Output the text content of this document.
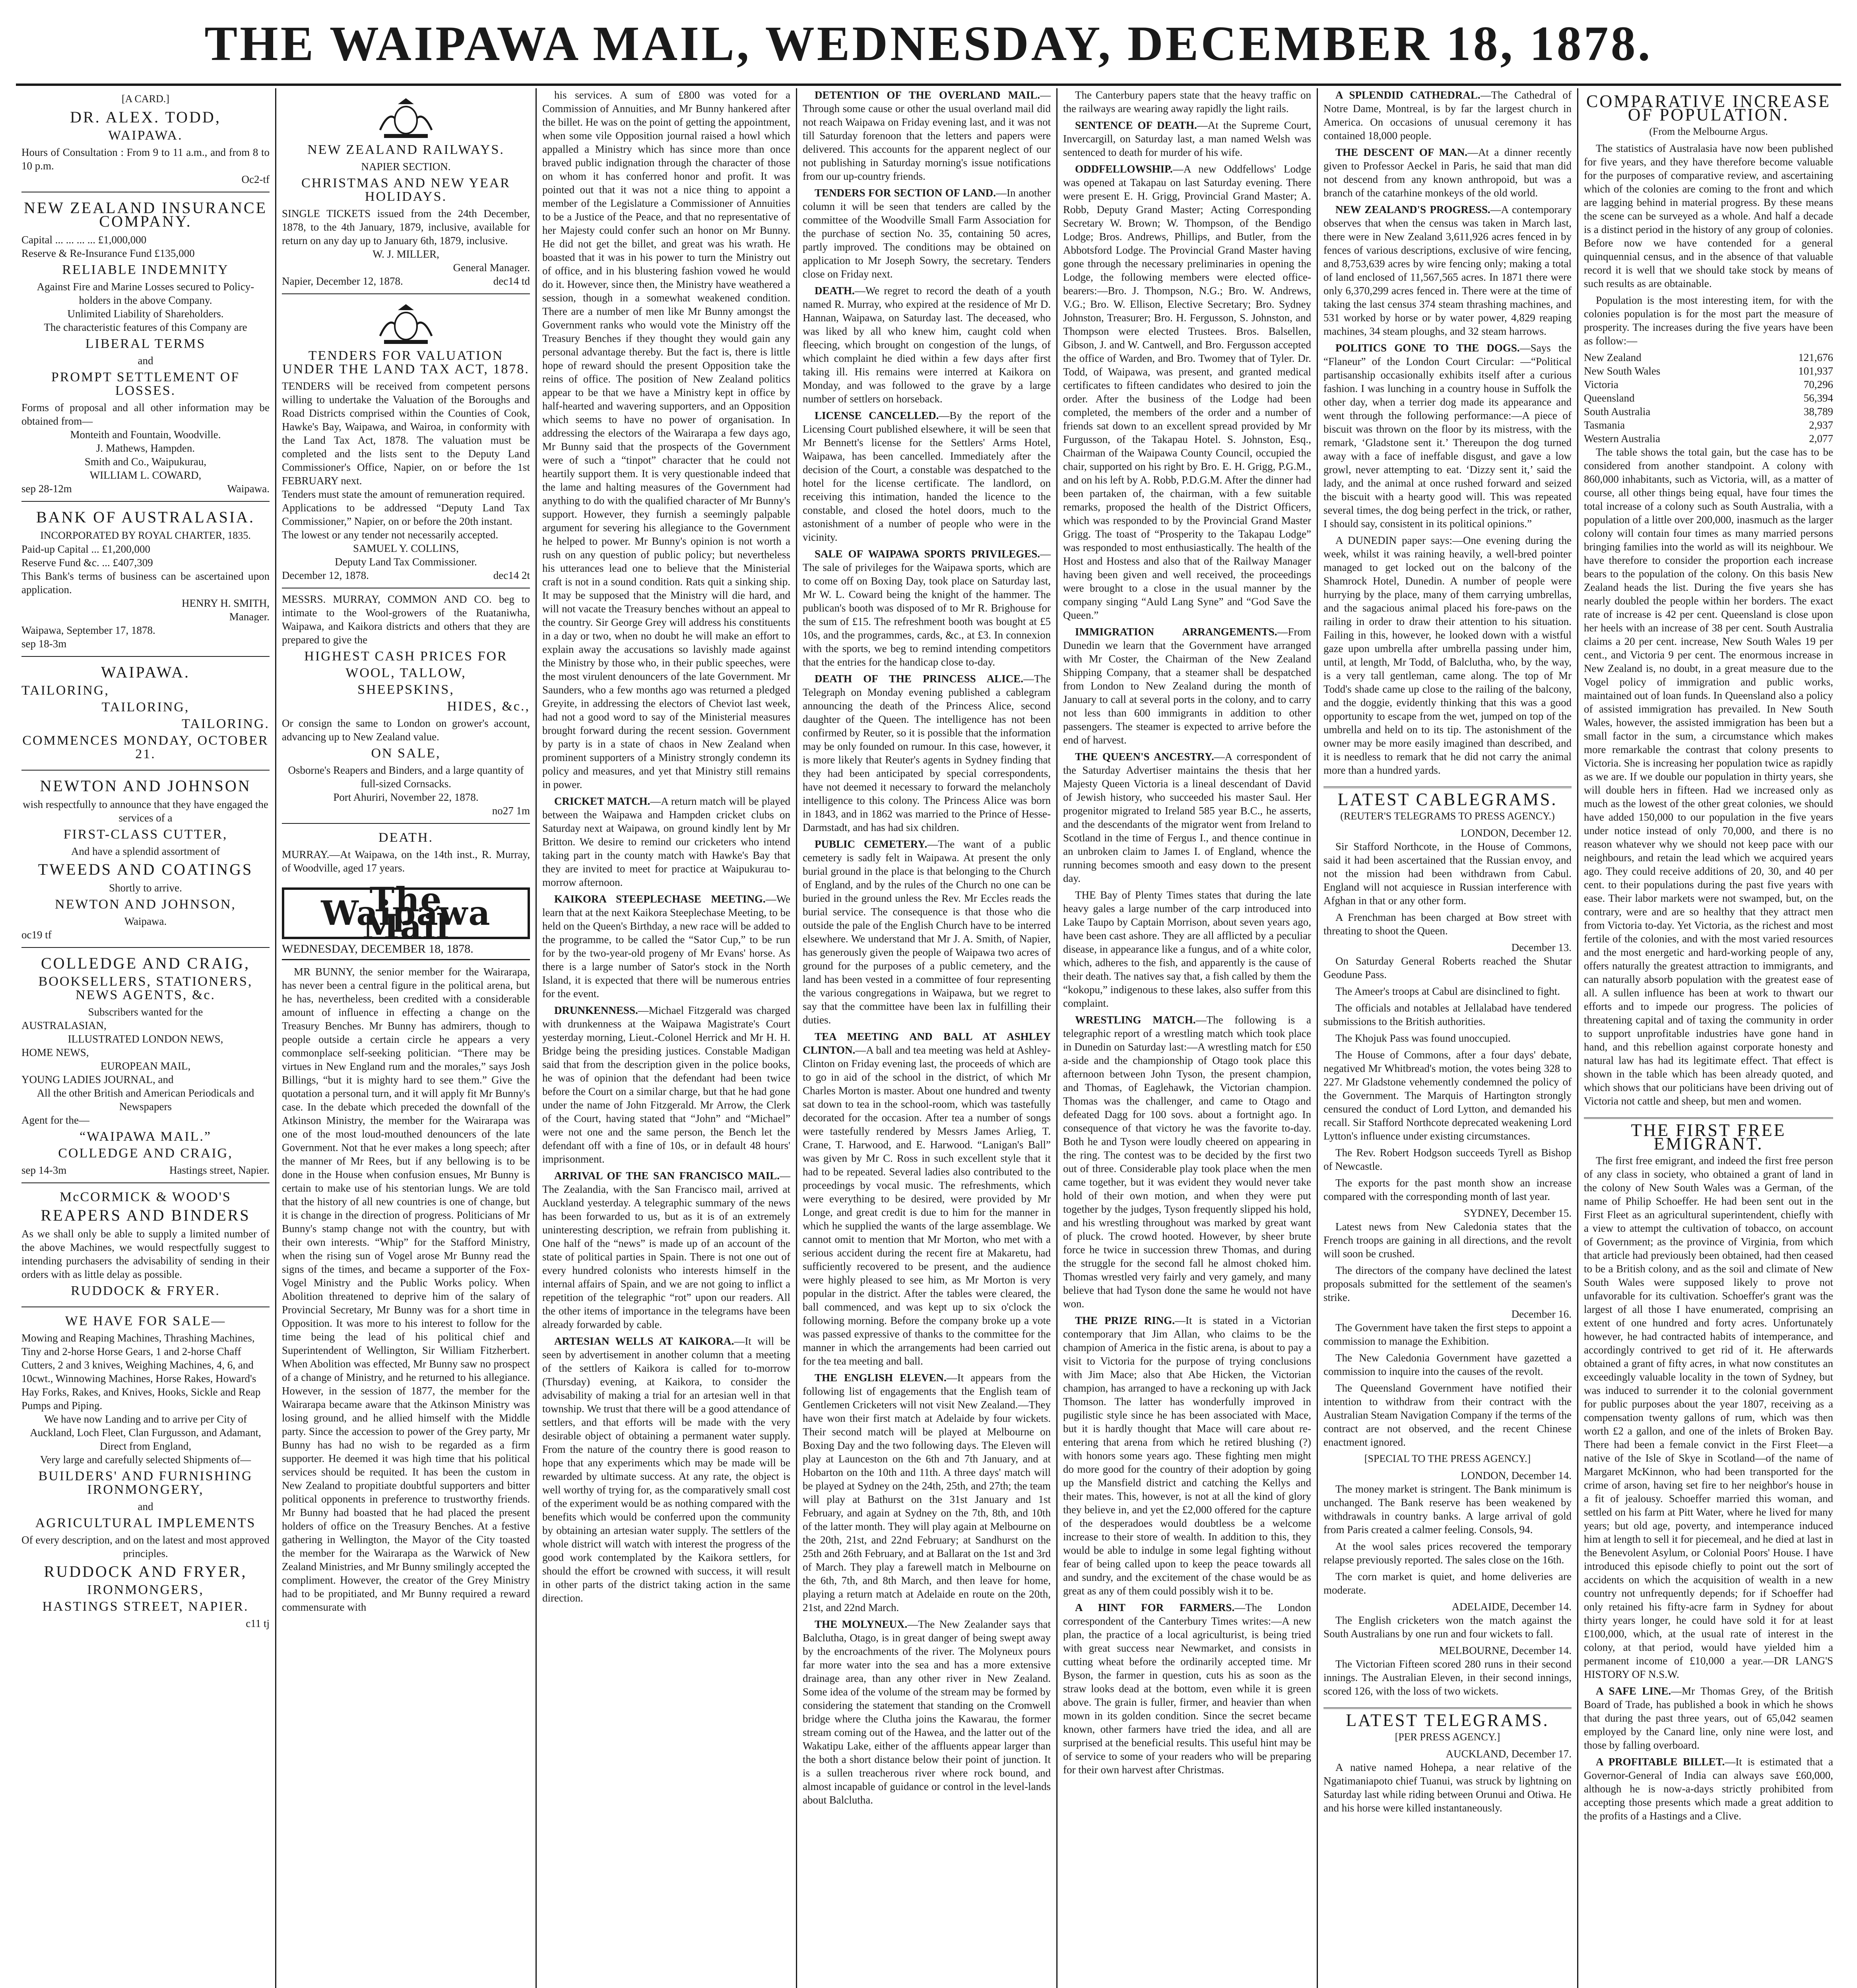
THE WAIPAWA MAIL, WEDNESDAY, DECEMBER 18, 1878.
[A CARD.]
DR. ALEX. TODD,
WAIPAWA.
Hours of Consultation : From 9 to 11 a.m., and from 8 to 10 p.m.
Oc2-tf
NEW ZEALAND INSURANCE COMPANY.
Capital ... ... ... ... £1,000,000
Reserve & Re-Insurance Fund £135,000
RELIABLE INDEMNITY
Against Fire and Marine Losses secured to Policy-holders in the above Company.
Unlimited Liability of Shareholders.
The characteristic features of this Company are
LIBERAL TERMS
and
PROMPT SETTLEMENT OF LOSSES.
Forms of proposal and all other information may be obtained from—
Monteith and Fountain, Woodville.
J. Mathews, Hampden.
Smith and Co., Waipukurau,
WILLIAM L. COWARD,
sep 28-12m	Waipawa.
BANK OF AUSTRALASIA.
INCORPORATED BY ROYAL CHARTER, 1835.
Paid-up Capital ... £1,200,000
Reserve Fund &c. ... £407,309
This Bank's terms of business can be ascertained upon application.
HENRY H. SMITH,
Manager.
Waipawa, September 17, 1878.
sep 18-3m
WAIPAWA.
TAILORING,
TAILORING,
TAILORING.
COMMENCES MONDAY, OCTOBER 21.
NEWTON AND JOHNSON
wish respectfully to announce that they have engaged the services of a
FIRST-CLASS CUTTER,
And have a splendid assortment of
TWEEDS AND COATINGS
Shortly to arrive.
NEWTON AND JOHNSON,
Waipawa.
oc19 tf
COLLEDGE AND CRAIG,
BOOKSELLERS, STATIONERS, NEWS AGENTS, &c.
Subscribers wanted for the
AUSTRALASIAN,
ILLUSTRATED LONDON NEWS,
HOME NEWS,
EUROPEAN MAIL,
YOUNG LADIES JOURNAL, and
All the other British and American Periodicals and Newspapers
Agent for the—
“WAIPAWA MAIL.”
COLLEDGE AND CRAIG,
sep 14-3m	Hastings street, Napier.
McCORMICK & WOOD'S
REAPERS AND BINDERS
As we shall only be able to supply a limited number of the above Machines, we would respectfully suggest to intending purchasers the advisability of sending in their orders with as little delay as possible.
RUDDOCK & FRYER.
WE HAVE FOR SALE—
Mowing and Reaping Machines, Thrashing Machines, Tiny and 2-horse Horse Gears, 1 and 2-horse Chaff Cutters, 2 and 3 knives, Weighing Machines, 4, 6, and 10cwt., Winnowing Machines, Horse Rakes, Howard's Hay Forks, Rakes, and Knives, Hooks, Sickle and Reap Pumps and Piping.
We have now Landing and to arrive per City of Auckland, Loch Fleet, Clan Furgusson, and Adamant, Direct from England,
Very large and carefully selected Shipments of—
BUILDERS' AND FURNISHING IRONMONGERY,
and
AGRICULTURAL IMPLEMENTS
Of every description, and on the latest and most approved principles.
RUDDOCK AND FRYER,
IRONMONGERS,
HASTINGS STREET, NAPIER.
c11 tj
NEW ZEALAND RAILWAYS.
NAPIER SECTION.
CHRISTMAS AND NEW YEAR HOLIDAYS.
SINGLE TICKETS issued from the 24th December, 1878, to the 4th January, 1879, inclusive, available for return on any day up to January 6th, 1879, inclusive.
W. J. MILLER,
General Manager.
Napier, December 12, 1878.	dec14 td
TENDERS FOR VALUATION UNDER THE LAND TAX ACT, 1878.
TENDERS will be received from competent persons willing to undertake the Valuation of the Boroughs and Road Districts comprised within the Counties of Cook, Hawke's Bay, Waipawa, and Wairoa, in conformity with the Land Tax Act, 1878. The valuation must be completed and the lists sent to the Deputy Land Commissioner's Office, Napier, on or before the 1st FEBRUARY next.
Tenders must state the amount of remuneration required.
Applications to be addressed “Deputy Land Tax Commissioner,” Napier, on or before the 20th instant.
The lowest or any tender not necessarily accepted.
SAMUEL Y. COLLINS,
Deputy Land Tax Commissioner.
December 12, 1878.	dec14 2t
MESSRS. MURRAY, COMMON AND CO. beg to intimate to the Wool-growers of the Ruataniwha, Waipawa, and Kaikora districts and others that they are prepared to give the
HIGHEST CASH PRICES FOR
WOOL, TALLOW,
SHEEPSKINS,
HIDES, &c.,
Or consign the same to London on grower's account, advancing up to New Zealand value.
ON SALE,
Osborne's Reapers and Binders, and a large quantity of full-sized Cornsacks.
Port Ahuriri, November 22, 1878.
no27 1m
DEATH.
MURRAY.—At Waipawa, on the 14th inst., R. Murray, of Woodville, aged 17 years.
The Waipawa Mail
WEDNESDAY, DECEMBER 18, 1878.

MR BUNNY, the senior member for the Wairarapa, has never been a central figure in the political arena, but he has, nevertheless, been credited with a considerable amount of influence in effecting a change on the Treasury Benches. Mr Bunny has admirers, though to people outside a certain circle he appears a very commonplace self-seeking politician. “There may be virtues in New England rum and the morales,” says Josh Billings, “but it is mighty hard to see them.” Give the quotation a personal turn, and it will apply fit Mr Bunny's case. In the debate which preceded the downfall of the Atkinson Ministry, the member for the Wairarapa was one of the most loud-mouthed denouncers of the late Government. Not that he ever makes a long speech; after the manner of Mr Rees, but if any bellowing is to be done in the House when confusion ensues, Mr Bunny is certain to make use of his stentorian lungs. We are told that the history of all new countries is one of change, but it is change in the direction of progress. Politicians of Mr Bunny's stamp change not with the country, but with their own interests. “Whip” for the Stafford Ministry, when the rising sun of Vogel arose Mr Bunny read the signs of the times, and became a supporter of the Fox-Vogel Ministry and the Public Works policy. When Abolition threatened to deprive him of the salary of Provincial Secretary, Mr Bunny was for a short time in Opposition. It was more to his interest to follow for the time being the lead of his political chief and Superintendent of Wellington, Sir William Fitzherbert. When Abolition was effected, Mr Bunny saw no prospect of a change of Ministry, and he returned to his allegiance. However, in the session of 1877, the member for the Wairarapa became aware that the Atkinson Ministry was losing ground, and he allied himself with the Middle party. Since the accession to power of the Grey party, Mr Bunny has had no wish to be regarded as a firm supporter. He deemed it was high time that his political services should be requited. It has been the custom in New Zealand to propitiate doubtful supporters and bitter political opponents in preference to trustworthy friends. Mr Bunny had boasted that he had placed the present holders of office on the Treasury Benches. At a festive gathering in Wellington, the Mayor of the City toasted the member for the Wairarapa as the Warwick of New Zealand Ministries, and Mr Bunny smilingly accepted the compliment. However, the creator of the Grey Ministry had to be propitiated, and Mr Bunny required a reward commensurate with

his services. A sum of £800 was voted for a Commission of Annuities, and Mr Bunny hankered after the billet. He was on the point of getting the appointment, when some vile Opposition journal raised a howl which appalled a Ministry which has since more than once braved public indignation through the character of those on whom it has conferred honor and profit. It was pointed out that it was not a nice thing to appoint a member of the Legislature a Commissioner of Annuities to be a Justice of the Peace, and that no representative of her Majesty could confer such an honor on Mr Bunny. He did not get the billet, and great was his wrath. He boasted that it was in his power to turn the Ministry out of office, and in his blustering fashion vowed he would do it. However, since then, the Ministry have weathered a session, though in a somewhat weakened condition. There are a number of men like Mr Bunny amongst the Government ranks who would vote the Ministry off the Treasury Benches if they thought they would gain any personal advantage thereby. But the fact is, there is little hope of reward should the present Opposition take the reins of office. The position of New Zealand politics appear to be that we have a Ministry kept in office by half-hearted and wavering supporters, and an Opposition which seems to have no power of organisation. In addressing the electors of the Wairarapa a few days ago, Mr Bunny said that the prospects of the Government were of such a “tinpot” character that he could not heartily support them. It is very questionable indeed that the lame and halting measures of the Government had anything to do with the qualified character of Mr Bunny's support. However, they furnish a seemingly palpable argument for severing his allegiance to the Government he helped to power. Mr Bunny's opinion is not worth a rush on any question of public policy; but nevertheless his utterances lead one to believe that the Ministerial craft is not in a sound condition. Rats quit a sinking ship. It may be supposed that the Ministry will die hard, and will not vacate the Treasury benches without an appeal to the country. Sir George Grey will address his constituents in a day or two, when no doubt he will make an effort to explain away the accusations so lavishly made against the Ministry by those who, in their public speeches, were the most virulent denouncers of the late Government. Mr Saunders, who a few months ago was returned a pledged Greyite, in addressing the electors of Cheviot last week, had not a good word to say of the Ministerial measures brought forward during the recent session. Government by party is in a state of chaos in New Zealand when prominent supporters of a Ministry strongly condemn its policy and measures, and yet that Ministry still remains in power.

CRICKET MATCH.—A return match will be played between the Waipawa and Hampden cricket clubs on Saturday next at Waipawa, on ground kindly lent by Mr Britton. We desire to remind our cricketers who intend taking part in the county match with Hawke's Bay that they are invited to meet for practice at Waipukurau to-morrow afternoon.

KAIKORA STEEPLECHASE MEETING.—We learn that at the next Kaikora Steeplechase Meeting, to be held on the Queen's Birthday, a new race will be added to the programme, to be called the “Sator Cup,” to be run for by the two-year-old progeny of Mr Evans' horse. As there is a large number of Sator's stock in the North Island, it is expected that there will be numerous entries for the event.

DRUNKENNESS.—Michael Fitzgerald was charged with drunkenness at the Waipawa Magistrate's Court yesterday morning, Lieut.-Colonel Herrick and Mr H. H. Bridge being the presiding justices. Constable Madigan said that from the description given in the police books, he was of opinion that the defendant had been twice before the Court on a similar charge, but that he had gone under the name of John Fitzgerald. Mr Arrow, the Clerk of the Court, having stated that “John” and “Michael” were not one and the same person, the Bench let the defendant off with a fine of 10s, or in default 48 hours' imprisonment.

ARRIVAL OF THE SAN FRANCISCO MAIL.—The Zealandia, with the San Francisco mail, arrived at Auckland yesterday. A telegraphic summary of the news has been forwarded to us, but as it is of an extremely uninteresting description, we refrain from publishing it. One half of the “news” is made up of an account of the state of political parties in Spain. There is not one out of every hundred colonists who interests himself in the internal affairs of Spain, and we are not going to inflict a repetition of the telegraphic “rot” upon our readers. All the other items of importance in the telegrams have been already forwarded by cable.

ARTESIAN WELLS AT KAIKORA.—It will be seen by advertisement in another column that a meeting of the settlers of Kaikora is called for to-morrow (Thursday) evening, at Kaikora, to consider the advisability of making a trial for an artesian well in that township. We trust that there will be a good attendance of settlers, and that efforts will be made with the very desirable object of obtaining a permanent water supply. From the nature of the country there is good reason to hope that any experiments which may be made will be rewarded by ultimate success. At any rate, the object is well worthy of trying for, as the comparatively small cost of the experiment would be as nothing compared with the benefits which would be conferred upon the community by obtaining an artesian water supply. The settlers of the whole district will watch with interest the progress of the good work contemplated by the Kaikora settlers, for should the effort be crowned with success, it will result in other parts of the district taking action in the same direction.

DETENTION OF THE OVERLAND MAIL.—Through some cause or other the usual overland mail did not reach Waipawa on Friday evening last, and it was not till Saturday forenoon that the letters and papers were delivered. This accounts for the apparent neglect of our not publishing in Saturday morning's issue notifications from our up-country friends.

TENDERS FOR SECTION OF LAND.—In another column it will be seen that tenders are called by the committee of the Woodville Small Farm Association for the purchase of section No. 35, containing 50 acres, partly improved. The conditions may be obtained on application to Mr Joseph Sowry, the secretary. Tenders close on Friday next.

DEATH.—We regret to record the death of a youth named R. Murray, who expired at the residence of Mr D. Hannan, Waipawa, on Saturday last. The deceased, who was liked by all who knew him, caught cold when fleecing, which brought on congestion of the lungs, of which complaint he died within a few days after first taking ill. His remains were interred at Kaikora on Monday, and was followed to the grave by a large number of settlers on horseback.

LICENSE CANCELLED.—By the report of the Licensing Court published elsewhere, it will be seen that Mr Bennett's license for the Settlers' Arms Hotel, Waipawa, has been cancelled. Immediately after the decision of the Court, a constable was despatched to the hotel for the license certificate. The landlord, on receiving this intimation, handed the licence to the constable, and closed the hotel doors, much to the astonishment of a number of people who were in the vicinity.

SALE OF WAIPAWA SPORTS PRIVILEGES.—The sale of privileges for the Waipawa sports, which are to come off on Boxing Day, took place on Saturday last, Mr W. L. Coward being the knight of the hammer. The publican's booth was disposed of to Mr R. Brighouse for the sum of £15. The refreshment booth was bought at £5 10s, and the programmes, cards, &c., at £3. In connexion with the sports, we beg to remind intending competitors that the entries for the handicap close to-day.

DEATH OF THE PRINCESS ALICE.—The Telegraph on Monday evening published a cablegram announcing the death of the Princess Alice, second daughter of the Queen. The intelligence has not been confirmed by Reuter, so it is possible that the information may be only founded on rumour. In this case, however, it is more likely that Reuter's agents in Sydney finding that they had been anticipated by special correspondents, have not deemed it necessary to forward the melancholy intelligence to this colony. The Princess Alice was born in 1843, and in 1862 was married to the Prince of Hesse-Darmstadt, and has had six children.

PUBLIC CEMETERY.—The want of a public cemetery is sadly felt in Waipawa. At present the only burial ground in the place is that belonging to the Church of England, and by the rules of the Church no one can be buried in the ground unless the Rev. Mr Eccles reads the burial service. The consequence is that those who die outside the pale of the English Church have to be interred elsewhere. We understand that Mr J. A. Smith, of Napier, has generously given the people of Waipawa two acres of ground for the purposes of a public cemetery, and the land has been vested in a committee of four representing the various congregations in Waipawa, but we regret to say that the committee have been lax in fulfilling their duties.

TEA MEETING AND BALL AT ASHLEY CLINTON.—A ball and tea meeting was held at Ashley-Clinton on Friday evening last, the proceeds of which are to go in aid of the school in the district, of which Mr Charles Morton is master. About one hundred and twenty sat down to tea in the school-room, which was tastefully decorated for the occasion. After tea a number of songs were tastefully rendered by Messrs James Arlieg, T. Crane, T. Harwood, and E. Harwood. “Lanigan's Ball” was given by Mr C. Ross in such excellent style that it had to be repeated. Several ladies also contributed to the proceedings by vocal music. The refreshments, which were everything to be desired, were provided by Mr Longe, and great credit is due to him for the manner in which he supplied the wants of the large assemblage. We cannot omit to mention that Mr Morton, who met with a serious accident during the recent fire at Makaretu, had sufficiently recovered to be present, and the audience were highly pleased to see him, as Mr Morton is very popular in the district. After the tables were cleared, the ball commenced, and was kept up to six o'clock the following morning. Before the company broke up a vote was passed expressive of thanks to the committee for the manner in which the arrangements had been carried out for the tea meeting and ball.

THE ENGLISH ELEVEN.—It appears from the following list of engagements that the English team of Gentlemen Cricketers will not visit New Zealand.—They have won their first match at Adelaide by four wickets. Their second match will be played at Melbourne on Boxing Day and the two following days. The Eleven will play at Launceston on the 6th and 7th January, and at Hobarton on the 10th and 11th. A three days' match will be played at Sydney on the 24th, 25th, and 27th; the team will play at Bathurst on the 31st January and 1st February, and again at Sydney on the 7th, 8th, and 10th of the latter month. They will play again at Melbourne on the 20th, 21st, and 22nd February; at Sandhurst on the 25th and 26th February, and at Ballarat on the 1st and 3rd of March. They play a farewell match in Melbourne on the 6th, 7th, and 8th March, and then leave for home, playing a return match at Adelaide en route on the 20th, 21st, and 22nd March.

THE MOLYNEUX.—The New Zealander says that Balclutha, Otago, is in great danger of being swept away by the encroachments of the river. The Molyneux pours far more water into the sea and has a more extensive drainage area, than any other river in New Zealand. Some idea of the volume of the stream may be formed by considering the statement that standing on the Cromwell bridge where the Clutha joins the Kawarau, the former stream coming out of the Hawea, and the latter out of the Wakatipu Lake, either of the affluents appear larger than the both a short distance below their point of junction. It is a sullen treacherous river where rock bound, and almost incapable of guidance or control in the level-lands about Balclutha.

The Canterbury papers state that the heavy traffic on the railways are wearing away rapidly the light rails.

SENTENCE OF DEATH.—At the Supreme Court, Invercargill, on Saturday last, a man named Welsh was sentenced to death for murder of his wife.

ODDFELLOWSHIP.—A new Oddfellows' Lodge was opened at Takapau on last Saturday evening. There were present E. H. Grigg, Provincial Grand Master; A. Robb, Deputy Grand Master; Acting Corresponding Secretary W. Brown; W. Thompson, of the Bendigo Lodge; Bros. Andrews, Phillips, and Butler, from the Abbotsford Lodge. The Provincial Grand Master having gone through the necessary preliminaries in opening the Lodge, the following members were elected office-bearers:—Bro. J. Thompson, N.G.; Bro. W. Andrews, V.G.; Bro. W. Ellison, Elective Secretary; Bro. Sydney Johnston, Treasurer; Bro. H. Fergusson, S. Johnston, and Thompson were elected Trustees. Bros. Balsellen, Gibson, J. and W. Cantwell, and Bro. Fergusson accepted the office of Warden, and Bro. Twomey that of Tyler. Dr. Todd, of Waipawa, was present, and granted medical certificates to fifteen candidates who desired to join the order. After the business of the Lodge had been completed, the members of the order and a number of friends sat down to an excellent spread provided by Mr Furgusson, of the Takapau Hotel. S. Johnston, Esq., Chairman of the Waipawa County Council, occupied the chair, supported on his right by Bro. E. H. Grigg, P.G.M., and on his left by A. Robb, P.D.G.M. After the dinner had been partaken of, the chairman, with a few suitable remarks, proposed the health of the District Officers, which was responded to by the Provincial Grand Master Grigg. The toast of “Prosperity to the Takapau Lodge” was responded to most enthusiastically. The health of the Host and Hostess and also that of the Railway Manager having been given and well received, the proceedings were brought to a close in the usual manner by the company singing “Auld Lang Syne” and “God Save the Queen.”

IMMIGRATION ARRANGEMENTS.—From Dunedin we learn that the Government have arranged with Mr Coster, the Chairman of the New Zealand Shipping Company, that a steamer shall be despatched from London to New Zealand during the month of January to call at several ports in the colony, and to carry not less than 600 immigrants in addition to other passengers. The steamer is expected to arrive before the end of harvest.

THE QUEEN'S ANCESTRY.—A correspondent of the Saturday Advertiser maintains the thesis that her Majesty Queen Victoria is a lineal descendant of David of Jewish history, who succeeded his master Saul. Her progenitor migrated to Ireland 585 year B.C., he asserts, and the descendants of the migrator went from Ireland to Scotland in the time of Fergus I., and thence continue in an unbroken claim to James I. of England, whence the running becomes smooth and easy down to the present day.

THE Bay of Plenty Times states that during the late heavy gales a large number of the carp introduced into Lake Taupo by Captain Morrison, about seven years ago, have been cast ashore. They are all afflicted by a peculiar disease, in appearance like a fungus, and of a white color, which, adheres to the fish, and apparently is the cause of their death. The natives say that, a fish called by them the “kokopu,” indigenous to these lakes, also suffer from this complaint.

WRESTLING MATCH.—The following is a telegraphic report of a wrestling match which took place in Dunedin on Saturday last:—A wrestling match for £50 a-side and the championship of Otago took place this afternoon between John Tyson, the present champion, and Thomas, of Eaglehawk, the Victorian champion. Thomas was the challenger, and came to Otago and defeated Dagg for 100 sovs. about a fortnight ago. In consequence of that victory he was the favorite to-day. Both he and Tyson were loudly cheered on appearing in the ring. The contest was to be decided by the first two out of three. Considerable play took place when the men came together, but it was evident they would never take hold of their own motion, and when they were put together by the judges, Tyson frequently slipped his hold, and his wrestling throughout was marked by great want of pluck. The crowd hooted. However, by sheer brute force he twice in succession threw Thomas, and during the struggle for the second fall he almost choked him. Thomas wrestled very fairly and very gamely, and many believe that had Tyson done the same he would not have won.

THE PRIZE RING.—It is stated in a Victorian contemporary that Jim Allan, who claims to be the champion of America in the fistic arena, is about to pay a visit to Victoria for the purpose of trying conclusions with Jim Mace; also that Abe Hicken, the Victorian champion, has arranged to have a reckoning up with Jack Thomson. The latter has wonderfully improved in pugilistic style since he has been associated with Mace, but it is hardly thought that Mace will care about re-entering that arena from which he retired blushing (?) with honors some years ago. These fighting men might do more good for the country of their adoption by going up the Mansfield district and catching the Kellys and their mates. This, however, is not at all the kind of glory they believe in, and yet the £2,000 offered for the capture of the desperadoes would doubtless be a welcome increase to their store of wealth. In addition to this, they would be able to indulge in some legal fighting without fear of being called upon to keep the peace towards all and sundry, and the excitement of the chase would be as great as any of them could possibly wish it to be.

A HINT FOR FARMERS.—The London correspondent of the Canterbury Times writes:—A new plan, the practice of a local agriculturist, is being tried with great success near Newmarket, and consists in cutting wheat before the ordinarily accepted time. Mr Byson, the farmer in question, cuts his as soon as the straw looks dead at the bottom, even while it is green above. The grain is fuller, firmer, and heavier than when mown in its golden condition. Since the secret became known, other farmers have tried the idea, and all are surprised at the beneficial results. This useful hint may be of service to some of your readers who will be preparing for their own harvest after Christmas.

A SPLENDID CATHEDRAL.—The Cathedral of Notre Dame, Montreal, is by far the largest church in America. On occasions of unusual ceremony it has contained 18,000 people.

THE DESCENT OF MAN.—At a dinner recently given to Professor Aeckel in Paris, he said that man did not descend from any known anthropoid, but was a branch of the catarhine monkeys of the old world.

NEW ZEALAND'S PROGRESS.—A contemporary observes that when the census was taken in March last, there were in New Zealand 3,611,926 acres fenced in by fences of various descriptions, exclusive of wire fencing, and 8,753,639 acres by wire fencing only; making a total of land enclosed of 11,567,565 acres. In 1871 there were only 6,370,299 acres fenced in. There were at the time of taking the last census 374 steam thrashing machines, and 531 worked by horse or by water power, 4,829 reaping machines, 34 steam ploughs, and 32 steam harrows.

POLITICS GONE TO THE DOGS.—Says the “Flaneur” of the London Court Circular: —“Political partisanship occasionally exhibits itself after a curious fashion. I was lunching in a country house in Suffolk the other day, when a terrier dog made its appearance and went through the following performance:—A piece of biscuit was thrown on the floor by its mistress, with the remark, ‘Gladstone sent it.’ Thereupon the dog turned away with a face of ineffable disgust, and gave a low growl, never attempting to eat. ‘Dizzy sent it,’ said the lady, and the animal at once rushed forward and seized the biscuit with a hearty good will. This was repeated several times, the dog being perfect in the trick, or rather, I should say, consistent in its political opinions.”

A DUNEDIN paper says:—One evening during the week, whilst it was raining heavily, a well-bred pointer managed to get locked out on the balcony of the Shamrock Hotel, Dunedin. A number of people were hurrying by the place, many of them carrying umbrellas, and the sagacious animal placed his fore-paws on the railing in order to draw their attention to his situation. Failing in this, however, he looked down with a wistful gaze upon umbrella after umbrella passing under him, until, at length, Mr Todd, of Balclutha, who, by the way, is a very tall gentleman, came along. The top of Mr Todd's shade came up close to the railing of the balcony, and the doggie, evidently thinking that this was a good opportunity to escape from the wet, jumped on top of the umbrella and held on to its tip. The astonishment of the owner may be more easily imagined than described, and it is needless to remark that he did not carry the animal more than a hundred yards.

LATEST CABLEGRAMS.
(REUTER'S TELEGRAMS TO PRESS AGENCY.)
LONDON, December 12.

Sir Stafford Northcote, in the House of Commons, said it had been ascertained that the Russian envoy, and not the mission had been withdrawn from Cabul. England will not acquiesce in Russian interference with Afghan in that or any other form.

A Frenchman has been charged at Bow street with threating to shoot the Queen.

December 13.

On Saturday General Roberts reached the Shutar Geodune Pass.

The Ameer's troops at Cabul are disinclined to fight.

The officials and notables at Jellalabad have tendered submissions to the British authorities.

The Khojuk Pass was found unoccupied.

The House of Commons, after a four days' debate, negatived Mr Whitbread's motion, the votes being 328 to 227. Mr Gladstone vehemently condemned the policy of the Government. The Marquis of Hartington strongly censured the conduct of Lord Lytton, and demanded his recall. Sir Stafford Northcote deprecated weakening Lord Lytton's influence under existing circumstances.

The Rev. Robert Hodgson succeeds Tyrell as Bishop of Newcastle.

The exports for the past month show an increase compared with the corresponding month of last year.

SYDNEY, December 15.

Latest news from New Caledonia states that the French troops are gaining in all directions, and the revolt will soon be crushed.

The directors of the company have declined the latest proposals submitted for the settlement of the seamen's strike.

December 16.

The Government have taken the first steps to appoint a commission to manage the Exhibition.

The New Caledonia Government have gazetted a commission to inquire into the causes of the revolt.

The Queensland Government have notified their intention to withdraw from their contract with the Australian Steam Navigation Company if the terms of the contract are not observed, and the recent Chinese enactment ignored.

[SPECIAL TO THE PRESS AGENCY.]
LONDON, December 14.

The money market is stringent. The Bank minimum is unchanged. The Bank reserve has been weakened by withdrawals in country banks. A large arrival of gold from Paris created a calmer feeling. Consols, 94.

At the wool sales prices recovered the temporary relapse previously reported. The sales close on the 16th.

The corn market is quiet, and home deliveries are moderate.

ADELAIDE, December 14.

The English cricketers won the match against the South Australians by one run and four wickets to fall.

MELBOURNE, December 14.

The Victorian Fifteen scored 280 runs in their second innings. The Australian Eleven, in their second innings, scored 126, with the loss of two wickets.

LATEST TELEGRAMS.
[PER PRESS AGENCY.]
AUCKLAND, December 17.

A native named Hohepa, a near relative of the Ngatimaniapoto chief Tuanui, was struck by lightning on Saturday last while riding between Orunui and Otiwa. He and his horse were killed instantaneously.

COMPARATIVE INCREASE OF POPULATION.
(From the Melbourne Argus.

The statistics of Australasia have now been published for five years, and they have therefore become valuable for the purposes of comparative review, and ascertaining which of the colonies are coming to the front and which are lagging behind in material progress. By these means the scene can be surveyed as a whole. And half a decade is a distinct period in the history of any group of colonies. Before now we have contended for a general quinquennial census, and in the absence of that valuable record it is well that we should take stock by means of such results as are obtainable.

Population is the most interesting item, for with the colonies population is for the most part the measure of prosperity. The increases during the five years have been as follow:—

New Zealand	121,676
New South Wales	101,937
Victoria	70,296
Queensland	56,394
South Australia	38,789
Tasmania	2,937
Western Australia	2,077

The table shows the total gain, but the case has to be considered from another standpoint. A colony with 860,000 inhabitants, such as Victoria, will, as a matter of course, all other things being equal, have four times the total increase of a colony such as South Australia, with a population of a little over 200,000, inasmuch as the larger colony will contain four times as many married persons bringing families into the world as will its neighbour. We have therefore to consider the proportion each increase bears to the population of the colony. On this basis New Zealand heads the list. During the five years she has nearly doubled the people within her borders. The exact rate of increase is 42 per cent. Queensland is close upon her heels with an increase of 38 per cent. South Australia claims a 20 per cent. increase, New South Wales 19 per cent., and Victoria 9 per cent. The enormous increase in New Zealand is, no doubt, in a great measure due to the Vogel policy of immigration and public works, maintained out of loan funds. In Queensland also a policy of assisted immigration has prevailed. In New South Wales, however, the assisted immigration has been but a small factor in the sum, a circumstance which makes more remarkable the contrast that colony presents to Victoria. She is increasing her population twice as rapidly as we are. If we double our population in thirty years, she will double hers in fifteen. Had we increased only as much as the lowest of the other great colonies, we should have added 150,000 to our population in the five years under notice instead of only 70,000, and there is no reason whatever why we should not keep pace with our neighbours, and retain the lead which we acquired years ago. They could receive additions of 20, 30, and 40 per cent. to their populations during the past five years with ease. Their labor markets were not swamped, but, on the contrary, were and are so healthy that they attract men from Victoria to-day. Yet Victoria, as the richest and most fertile of the colonies, and with the most varied resources and the most energetic and hard-working people of any, offers naturally the greatest attraction to immigrants, and can naturally absorb population with the greatest ease of all. A sullen influence has been at work to thwart our efforts and to impede our progress. The policies of threatening capital and of taxing the community in order to support unprofitable industries have gone hand in hand, and this rebellion against corporate honesty and natural law has had its legitimate effect. That effect is shown in the table which has been already quoted, and which shows that our politicians have been driving out of Victoria not cattle and sheep, but men and women.

THE FIRST FREE EMIGRANT.

The first free emigrant, and indeed the first free person of any class in society, who obtained a grant of land in the colony of New South Wales was a German, of the name of Philip Schoeffer. He had been sent out in the First Fleet as an agricultural superintendent, chiefly with a view to attempt the cultivation of tobacco, on account of Government; as the province of Virginia, from which that article had previously been obtained, had then ceased to be a British colony, and as the soil and climate of New South Wales were supposed likely to prove not unfavorable for its cultivation. Schoeffer's grant was the largest of all those I have enumerated, comprising an extent of one hundred and forty acres. Unfortunately however, he had contracted habits of intemperance, and accordingly contrived to get rid of it. He afterwards obtained a grant of fifty acres, in what now constitutes an exceedingly valuable locality in the town of Sydney, but was induced to surrender it to the colonial government for public purposes about the year 1807, receiving as a compensation twenty gallons of rum, which was then worth £2 a gallon, and one of the inlets of Broken Bay. There had been a female convict in the First Fleet—a native of the Isle of Skye in Scotland—of the name of Margaret McKinnon, who had been transported for the crime of arson, having set fire to her neighbor's house in a fit of jealousy. Schoeffer married this woman, and settled on his farm at Pitt Water, where he lived for many years; but old age, poverty, and intemperance induced him at length to sell it for piecemeal, and he died at last in the Benevolent Asylum, or Colonial Poors' House. I have introduced this episode chiefly to point out the sort of accidents on which the acquisition of wealth in a new country not unfrequently depends; for if Schoeffer had only retained his fifty-acre farm in Sydney for about thirty years longer, he could have sold it for at least £100,000, which, at the usual rate of interest in the colony, at that period, would have yielded him a permanent income of £10,000 a year.—DR LANG'S HISTORY OF N.S.W.

A SAFE LINE.—Mr Thomas Grey, of the British Board of Trade, has published a book in which he shows that during the past three years, out of 65,042 seamen employed by the Canard line, only nine were lost, and those by falling overboard.

A PROFITABLE BILLET.—It is estimated that a Governor-General of India can always save £60,000, although he is now-a-days strictly prohibited from accepting those presents which made a great addition to the profits of a Hastings and a Clive.
